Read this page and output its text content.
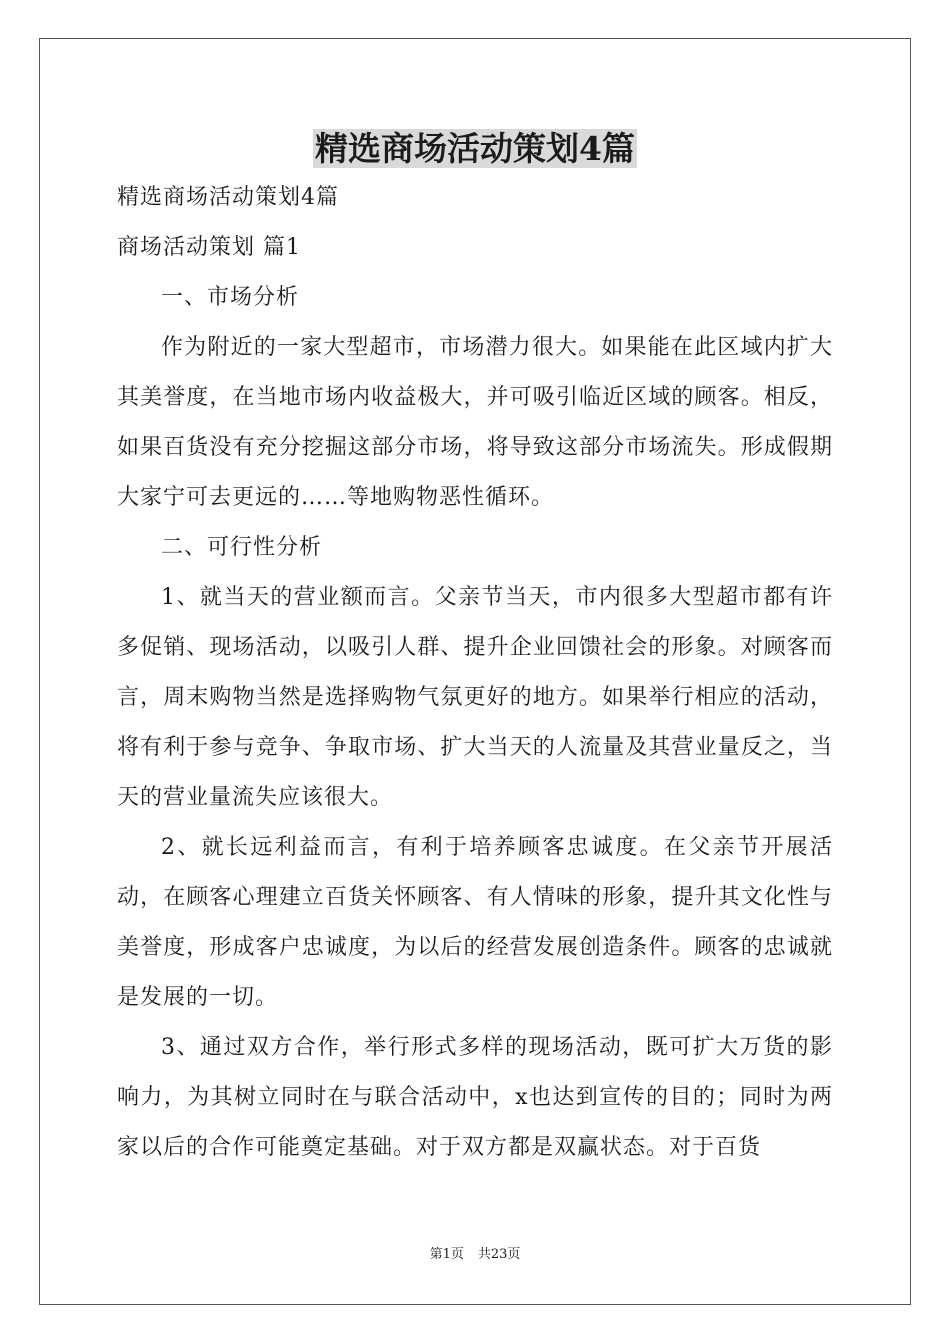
精选商场活动策划4篇

精选商场活动策划4篇

商场活动策划 篇1

一、市场分析

作为附近的一家大型超市，市场潜力很大。如果能在此区域内扩大其美誉度，在当地市场内收益极大，并可吸引临近区域的顾客。相反，如果百货没有充分挖掘这部分市场，将导致这部分市场流失。形成假期大家宁可去更远的……等地购物恶性循环。

二、可行性分析

1、就当天的营业额而言。父亲节当天，市内很多大型超市都有许多促销、现场活动，以吸引人群、提升企业回馈社会的形象。对顾客而言，周末购物当然是选择购物气氛更好的地方。如果举行相应的活动，将有利于参与竞争、争取市场、扩大当天的人流量及其营业量反之，当天的营业量流失应该很大。

2、就长远利益而言，有利于培养顾客忠诚度。在父亲节开展活动，在顾客心理建立百货关怀顾客、有人情味的形象，提升其文化性与美誉度，形成客户忠诚度，为以后的经营发展创造条件。顾客的忠诚就是发展的一切。

3、通过双方合作，举行形式多样的现场活动，既可扩大万货的影响力，为其树立同时在与联合活动中，x也达到宣传的目的；同时为两家以后的合作可能奠定基础。对于双方都是双赢状态。对于百货

第1页 共23页
